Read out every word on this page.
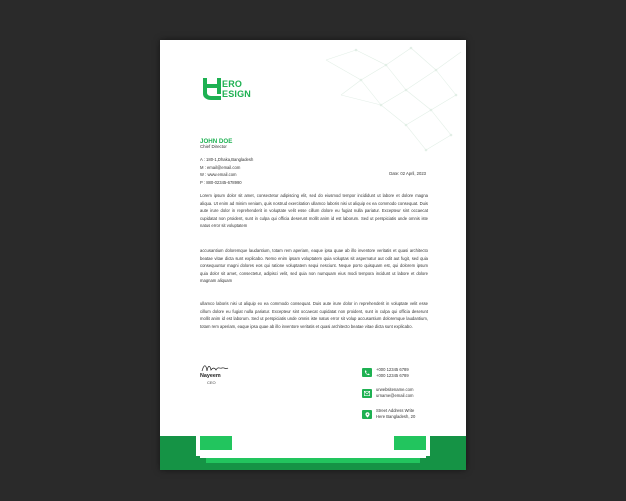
ERO
ESIGN
JOHN DOE
Chief Director
A : 180-1,Dhaka,Bangladesh
M : email@email.com
W : www.email.com
P : 880-02345-678990
Date: 02 April, 2023

Lorem ipsum dolor sit amet, consectetur adipiscing elit, sed do eiusmod tempor incididunt ut labore et dolore magna aliqua. Ut enim ad minim veniam, quis nostrud exercitation ullamco laboris nisi ut aliquip ex ea commodo consequat. Duis aute irure dolor in reprehenderit in voluptate velit esse cillum dolore eu fugiat nulla pariatur. Excepteur sint occaecat cupidatat non proident, sunt in culpa qui officia deserunt mollit anim id est laborum. Sed ut perspiciatis unde omnis iste natus error sit voluptatem

accusantium doloremque laudantium, totam rem aperiam, eaque ipsa quae ab illo inventore veritatis et quasi architecto beatae vitae dicta sunt explicabo. Nemo enim ipsam voluptatem quia voluptas sit aspernatur aut odit aut fugit, sed quia consequuntur magni dolores eos qui ratione voluptatem sequi nesciunt. Neque porro quisquam est, qui dolorem ipsum quia dolor sit amet, consectetur, adipisci velit, sed quia non numquam eius modi tempora incidunt ut labore et dolore magnam aliquam

ullamco laboris nisi ut aliquip ex ea commodo consequat. Duis aute irure dolor in reprehenderit in voluptate velit esse cillum dolore eu fugiat nulla pariatur. Excepteur sint occaecat cupidatat non proident, sunt in culpa qui officia deserunt mollit anim id est laborum. Sed ut perspiciatis unde omnis iste natus error sit volup accusantium doloremque laudantium, totam rem aperiam, eaque ipsa quae ab illo inventore veritatis et quasi architecto beatae vitae dicta sunt explicabo.

Nayeem
CEO
+000 12345 6789
+000 12345 6789
urwebsitename.com
urname@email.com
Street Address Write
Here Bangladesh, 20
